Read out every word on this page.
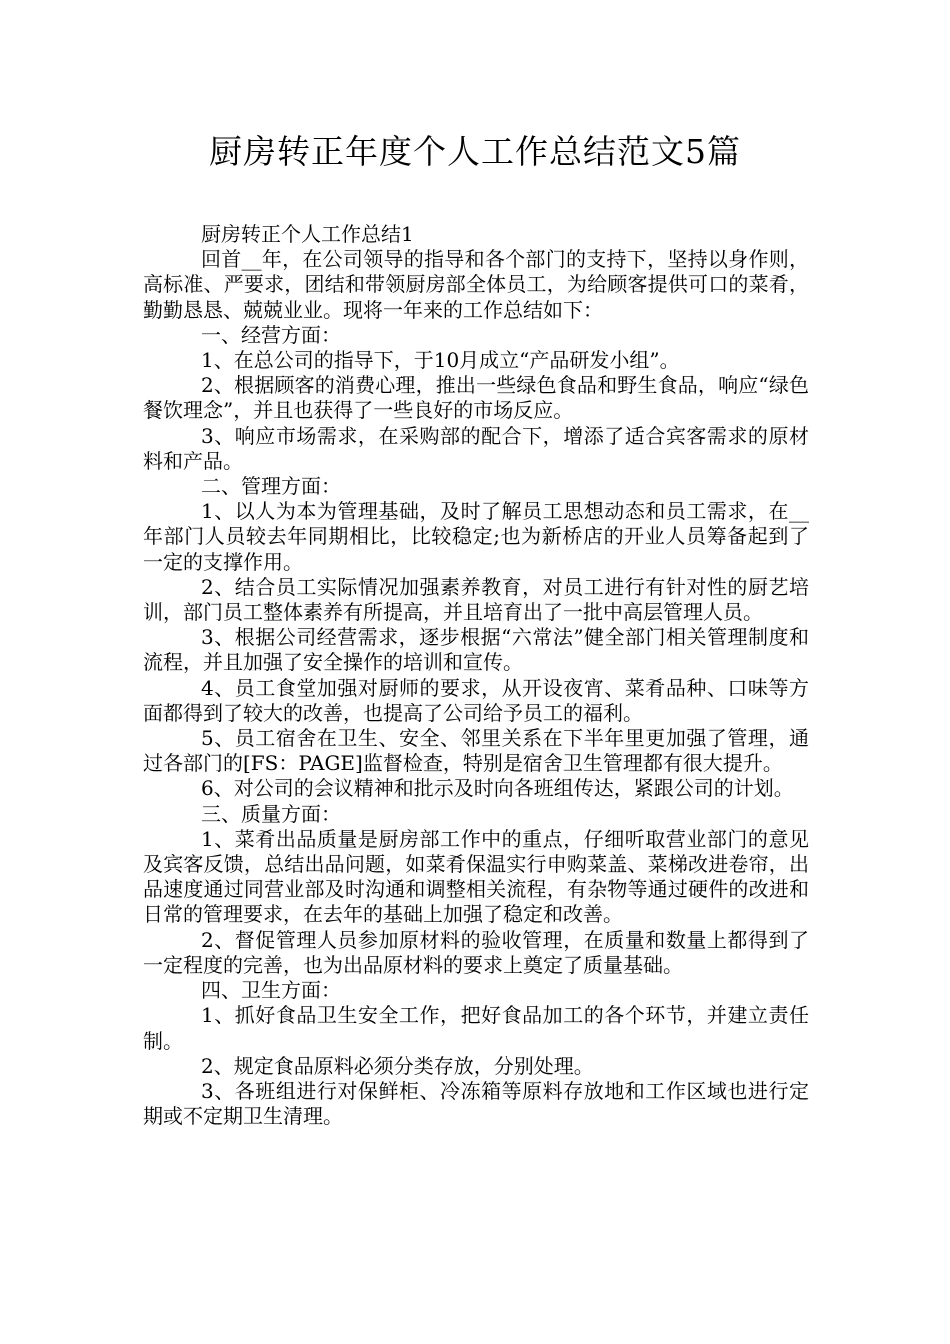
厨房转正年度个人工作总结范文5篇

厨房转正个人工作总结1

回首__年，在公司领导的指导和各个部门的支持下，坚持以身作则，高标准、严要求，团结和带领厨房部全体员工，为给顾客提供可口的菜肴，勤勤恳恳、兢兢业业。现将一年来的工作总结如下：

一、经营方面：

1、在总公司的指导下，于10月成立“产品研发小组”。

2、根据顾客的消费心理，推出一些绿色食品和野生食品，响应“绿色餐饮理念”，并且也获得了一些良好的市场反应。

3、响应市场需求，在采购部的配合下，增添了适合宾客需求的原材料和产品。

二、管理方面：

1、以人为本为管理基础，及时了解员工思想动态和员工需求，在__年部门人员较去年同期相比，比较稳定;也为新桥店的开业人员筹备起到了一定的支撑作用。

2、结合员工实际情况加强素养教育，对员工进行有针对性的厨艺培训，部门员工整体素养有所提高，并且培育出了一批中高层管理人员。

3、根据公司经营需求，逐步根据“六常法”健全部门相关管理制度和流程，并且加强了安全操作的培训和宣传。

4、员工食堂加强对厨师的要求，从开设夜宵、菜肴品种、口味等方面都得到了较大的改善，也提高了公司给予员工的福利。

5、员工宿舍在卫生、安全、邻里关系在下半年里更加强了管理，通过各部门的[FS：PAGE]监督检查，特别是宿舍卫生管理都有很大提升。

6、对公司的会议精神和批示及时向各班组传达，紧跟公司的计划。

三、质量方面：

1、菜肴出品质量是厨房部工作中的重点，仔细听取营业部门的意见及宾客反馈，总结出品问题，如菜肴保温实行申购菜盖、菜梯改进卷帘，出品速度通过同营业部及时沟通和调整相关流程，有杂物等通过硬件的改进和日常的管理要求，在去年的基础上加强了稳定和改善。

2、督促管理人员参加原材料的验收管理，在质量和数量上都得到了一定程度的完善，也为出品原材料的要求上奠定了质量基础。

四、卫生方面：

1、抓好食品卫生安全工作，把好食品加工的各个环节，并建立责任制。

2、规定食品原料必须分类存放，分别处理。

3、各班组进行对保鲜柜、冷冻箱等原料存放地和工作区域也进行定期或不定期卫生清理。
